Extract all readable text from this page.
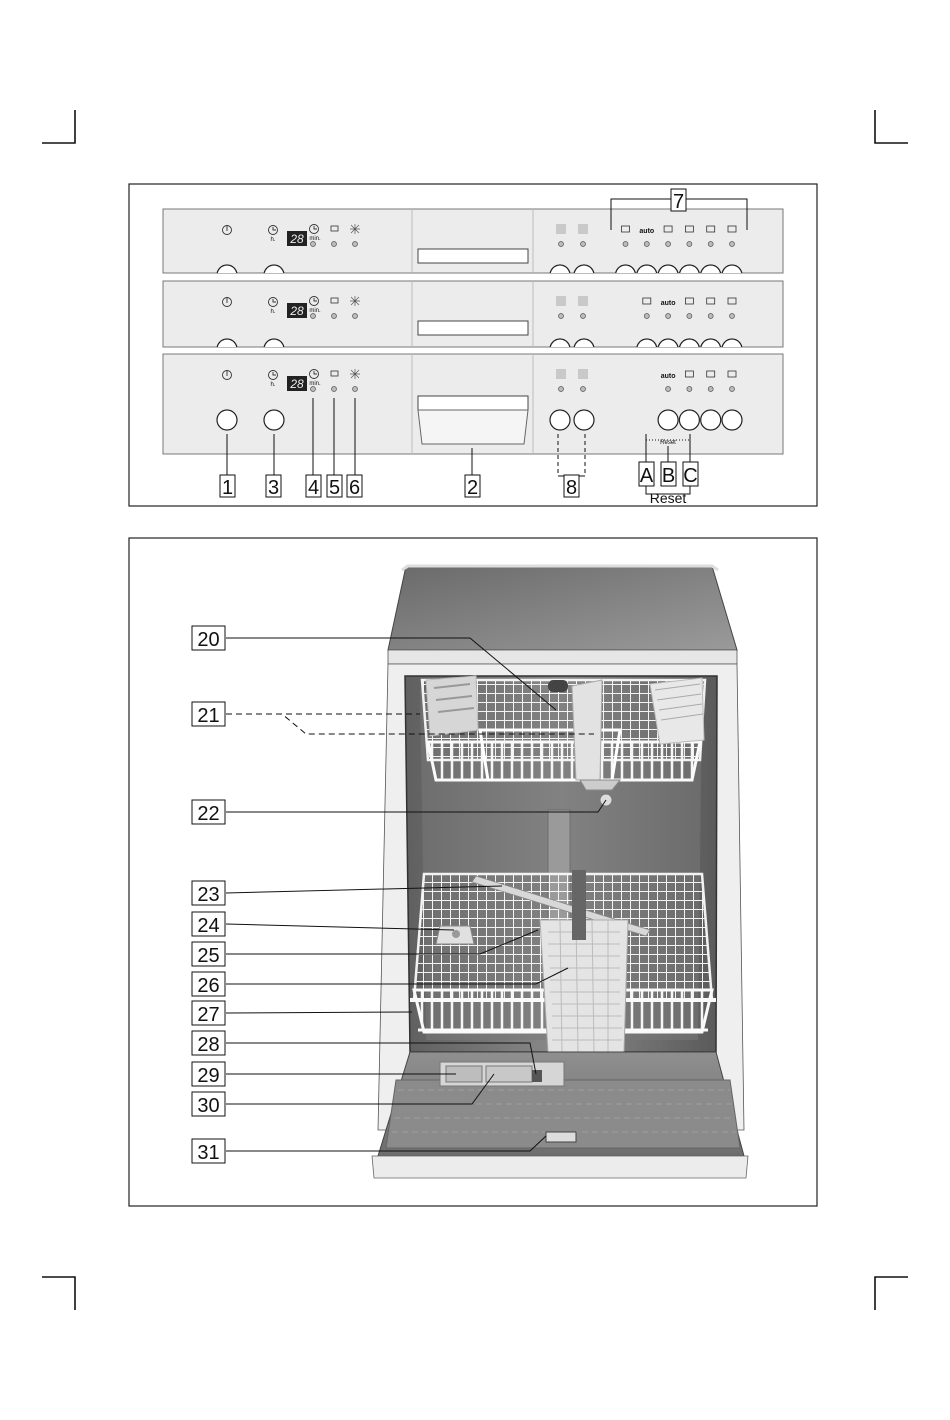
h. 28 min.
auto
h. 28 min.
auto
h. 28 min.
auto
1 3 4 5 6	2	8
7
A B C
Reset
Reset
20
21
22
23
24
25
26
27
28
29
30
31
